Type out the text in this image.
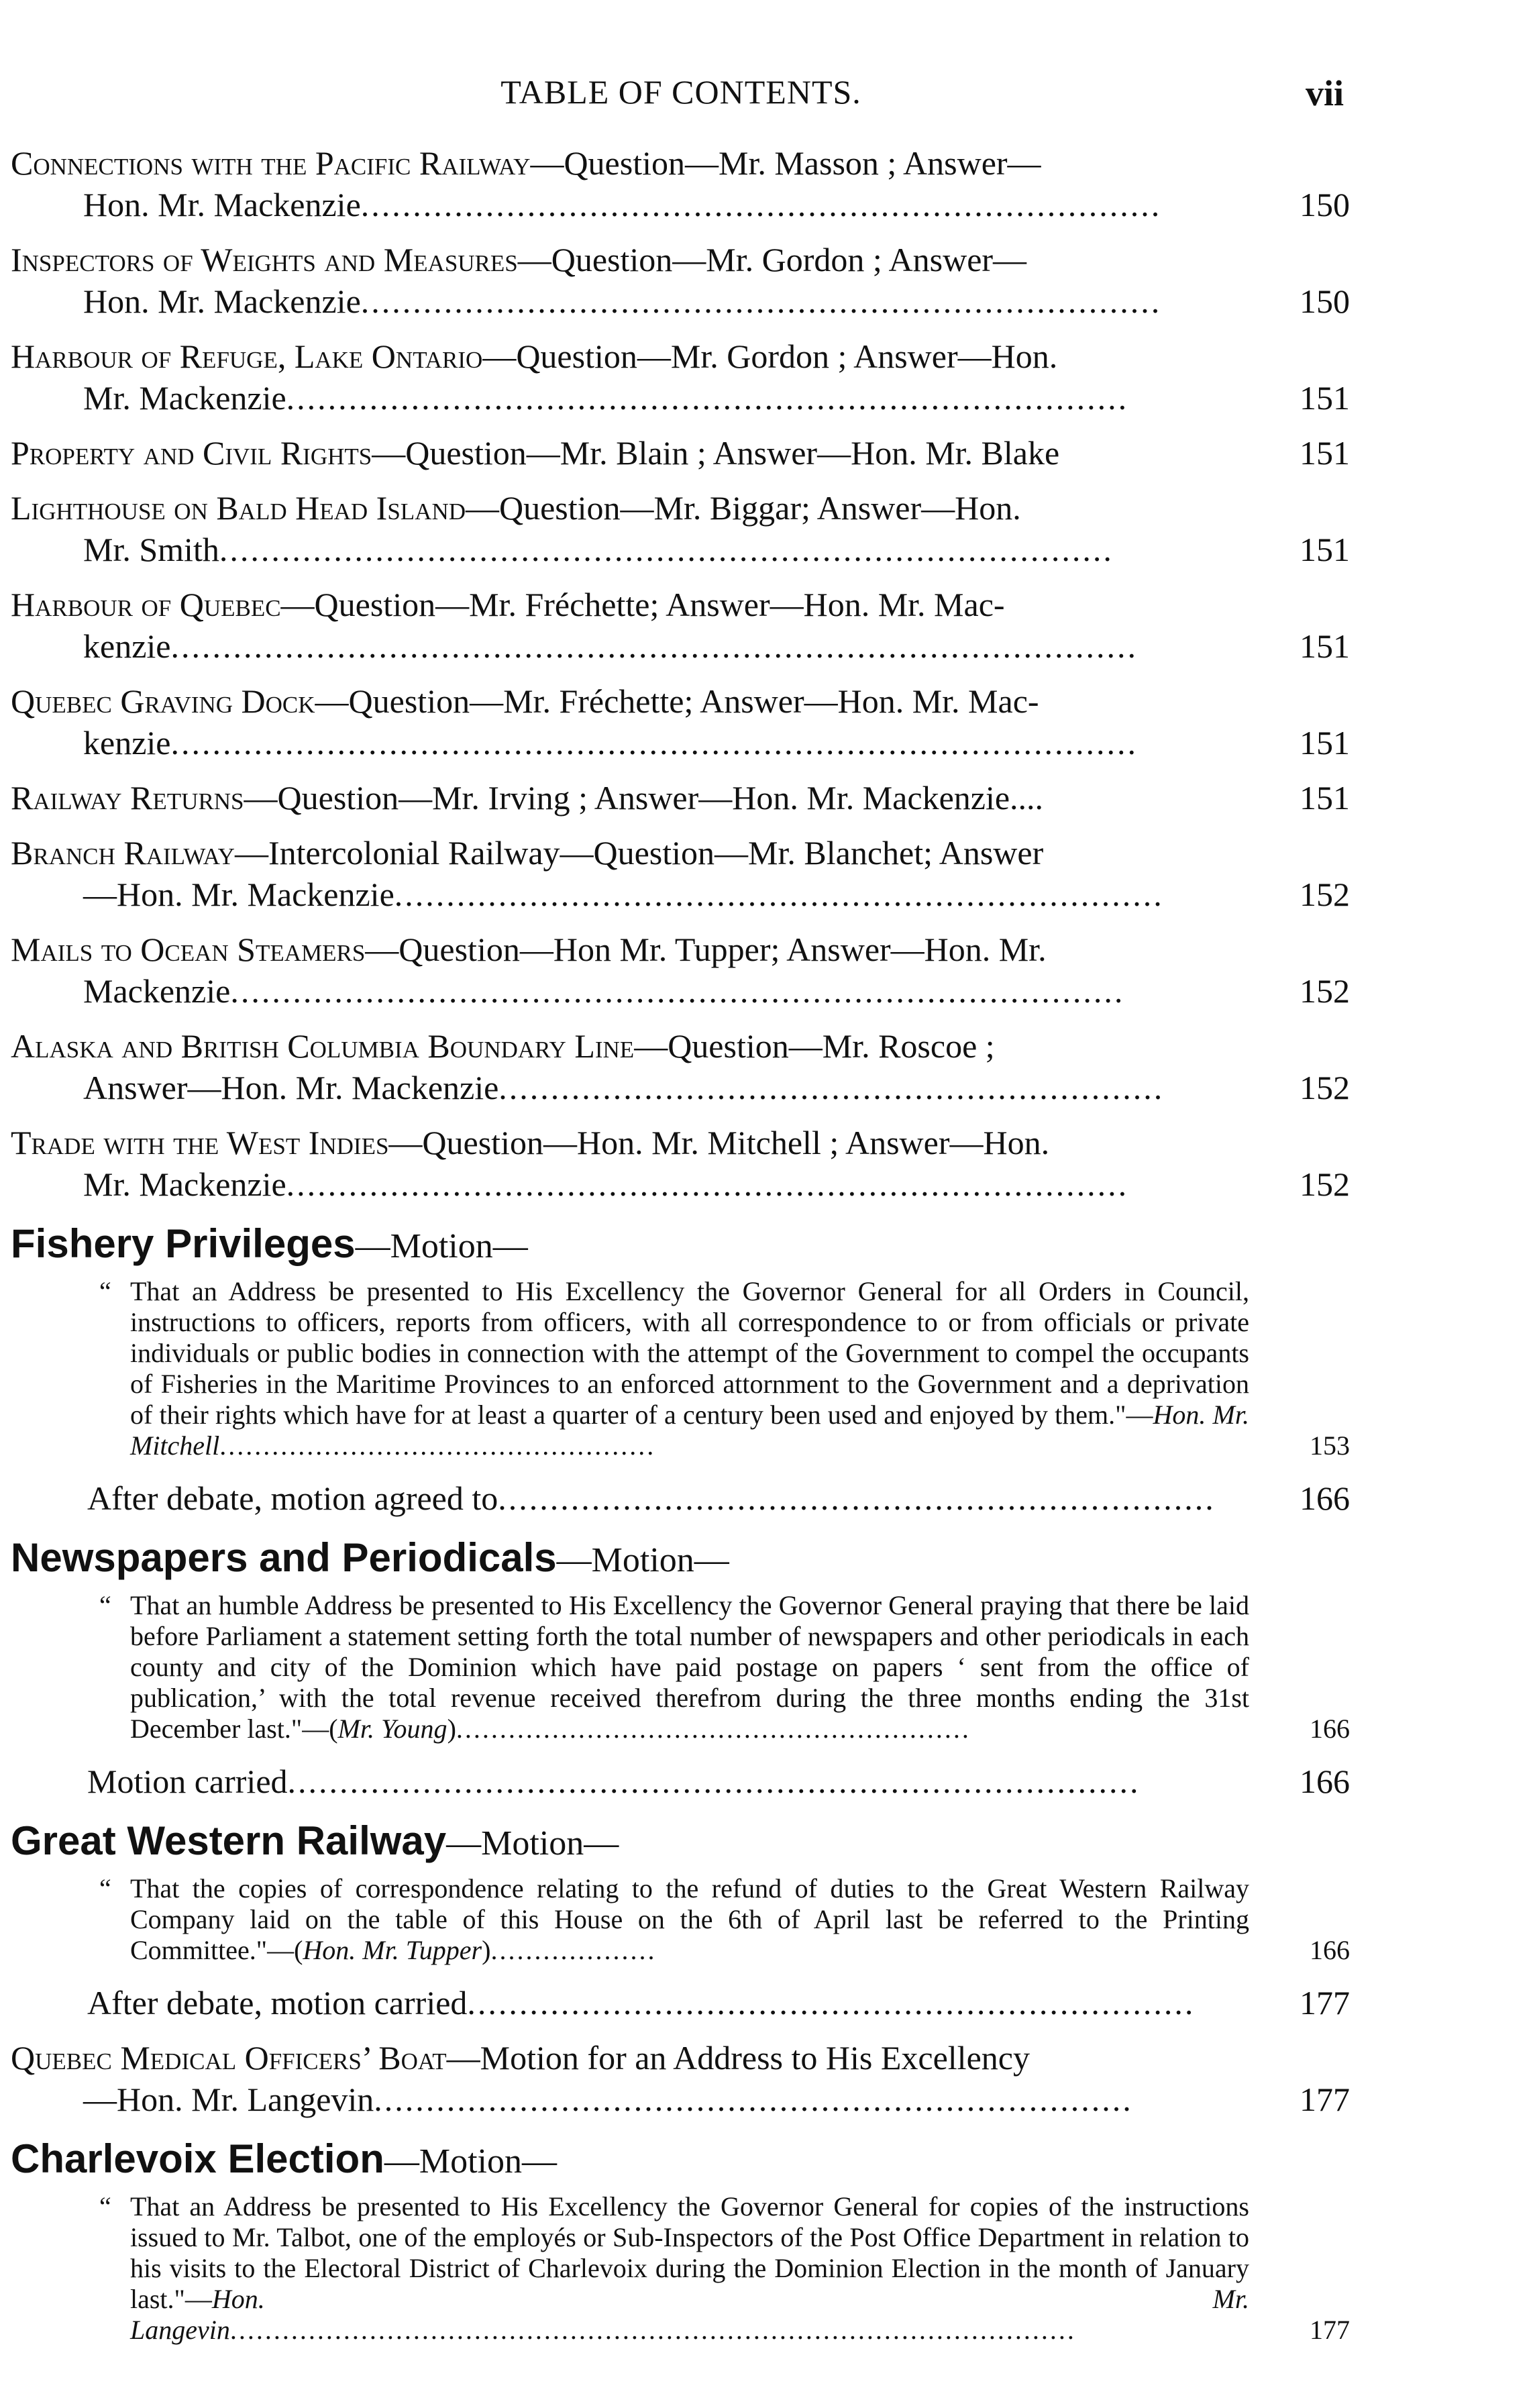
TABLE OF CONTENTS.	vii
Connections with the Pacific Railway—Question—Mr. Masson ; Answer—
Hon. Mr. Mackenzie.............................................................................	150
Inspectors of Weights and Measures—Question—Mr. Gordon ; Answer—
Hon. Mr. Mackenzie.............................................................................	150
Harbour of Refuge, Lake Ontario—Question—Mr. Gordon ; Answer—Hon.
Mr. Mackenzie.................................................................................	151
Property and Civil Rights—Question—Mr. Blain ; Answer—Hon. Mr. Blake	151
Lighthouse on Bald Head Island—Question—Mr. Biggar; Answer—Hon.
Mr. Smith......................................................................................	151
Harbour of Quebec—Question—Mr. Fréchette; Answer—Hon. Mr. Mac-
kenzie.............................................................................................	151
Quebec Graving Dock—Question—Mr. Fréchette; Answer—Hon. Mr. Mac-
kenzie.............................................................................................	151
Railway Returns—Question—Mr. Irving ; Answer—Hon. Mr. Mackenzie....	151
Branch Railway—Intercolonial Railway—Question—Mr. Blanchet; Answer
—Hon. Mr. Mackenzie..........................................................................	152
Mails to Ocean Steamers—Question—Hon Mr. Tupper; Answer—Hon. Mr.
Mackenzie......................................................................................	152
Alaska and British Columbia Boundary Line—Question—Mr. Roscoe ;
Answer—Hon. Mr. Mackenzie................................................................	152
Trade with the West Indies—Question—Hon. Mr. Mitchell ; Answer—Hon.
Mr. Mackenzie.................................................................................	152
Fishery Privileges—Motion—
“ That an Address be presented to His Excellency the Governor General for all Orders in Council, instructions to officers, reports from officers, with all correspondence to or from officials or private individuals or public bodies in connection with the attempt of the Government to compel the occupants of Fisheries in the Maritime Provinces to an enforced attornment to the Government and a deprivation of their rights which have for at least a quarter of a century been used and enjoyed by them."—Hon. Mr. Mitchell..................................................	153
After debate, motion agreed to.....................................................................	166
Newspapers and Periodicals—Motion—
“ That an humble Address be presented to His Excellency the Governor General praying that there be laid before Parliament a statement setting forth the total number of newspapers and other periodicals in each county and city of the Dominion which have paid postage on papers ‘ sent from the office of publication,’ with the total revenue received therefrom during the three months ending the 31st December last."—(Mr. Young)...........................................................	166
Motion carried..................................................................................	166
Great Western Railway—Motion—
“ That the copies of correspondence relating to the refund of duties to the Great Western Railway Company laid on the table of this House on the 6th of April last be referred to the Printing Committee."—(Hon. Mr. Tupper)...................	166
After debate, motion carried......................................................................	177
Quebec Medical Officers’ Boat—Motion for an Address to His Excellency
—Hon. Mr. Langevin.........................................................................	177
Charlevoix Election—Motion—
“ That an Address be presented to His Excellency the Governor General for copies of the instructions issued to Mr. Talbot, one of the employés or Sub-Inspectors of the Post Office Department in relation to his visits to the Electoral District of Charlevoix during the Dominion Election in the month of January last."—Hon. Mr. Langevin.................................................................................................	177
